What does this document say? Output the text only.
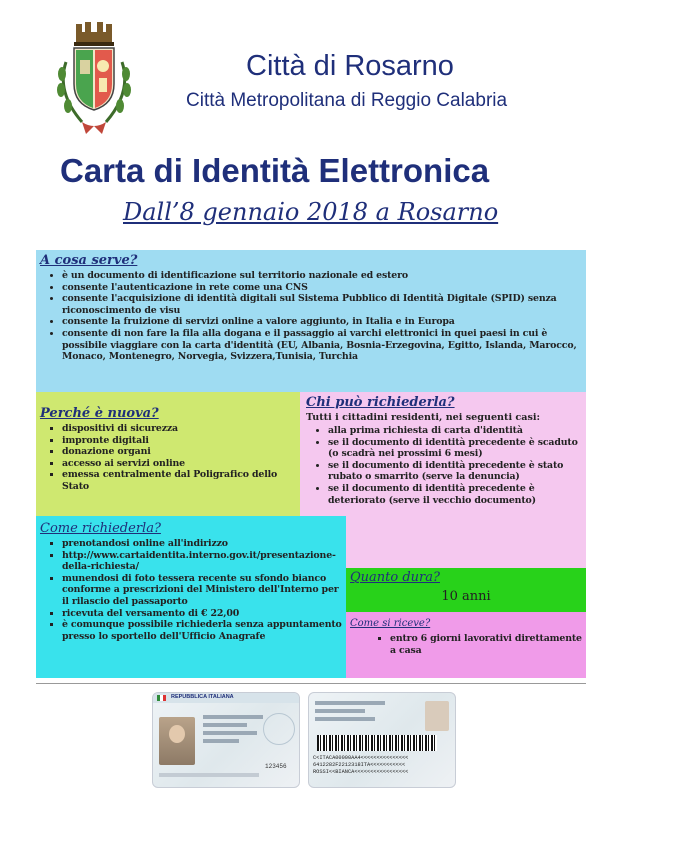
Città di Rosarno

Città Metropolitana di Reggio Calabria

Carta di Identità Elettronica

Dall’8 gennaio 2018 a Rosarno

A cosa serve?

• è un documento di identificazione sul territorio nazionale ed estero
• consente l'autenticazione in rete come una CNS
• consente l'acquisizione di identità digitali sul Sistema Pubblico di Identità Digitale (SPID) senza riconoscimento de visu
• consente la fruizione di servizi online a valore aggiunto, in Italia e in Europa
• consente di non fare la fila alla dogana e il passaggio ai varchi elettronici in quei paesi in cui è possibile viaggiare con la carta d'identità (EU, Albania, Bosnia-Erzegovina, Egitto, Islanda, Marocco, Monaco, Montenegro, Norvegia, Svizzera,Tunisia, Turchia

Perché è nuova?

▪ dispositivi di sicurezza
▪ impronte digitali
▪ donazione organi
▪ accesso ai servizi online
▪ emessa centralmente dal Poligrafico dello Stato

Chi può richiederla?

Tutti i cittadini residenti, nei seguenti casi:

• alla prima richiesta di carta d'identità
• se il documento di identità precedente è scaduto (o scadrà nei prossimi 6 mesi)
• se il documento di identità precedente è stato rubato o smarrito (serve la denuncia)
• se il documento di identità precedente è deteriorato (serve il vecchio documento)

Come richiederla?

▪ prenotandosi online all'indirizzo
▪ http://www.cartaidentita.interno.gov.it/presentazione-della-richiesta/
▪ munendosi di foto tessera recente su sfondo bianco conforme a prescrizioni del Ministero dell'Interno per il rilascio del passaporto
▪ ricevuta del versamento di € 22,00
▪ è comunque possibile richiederla senza appuntamento presso lo sportello dell'Ufficio Anagrafe

Quanto dura?

10 anni

Come si riceve?

▪ entro 6 giorni lavorativi direttamente a casa
REPUBBLICA ITALIANA
123456
C<ITACA00000AA4<<<<<<<<<<<<<<<
6412282F2212318ITA<<<<<<<<<<<
ROSSI<<BIANCA<<<<<<<<<<<<<<<<<
